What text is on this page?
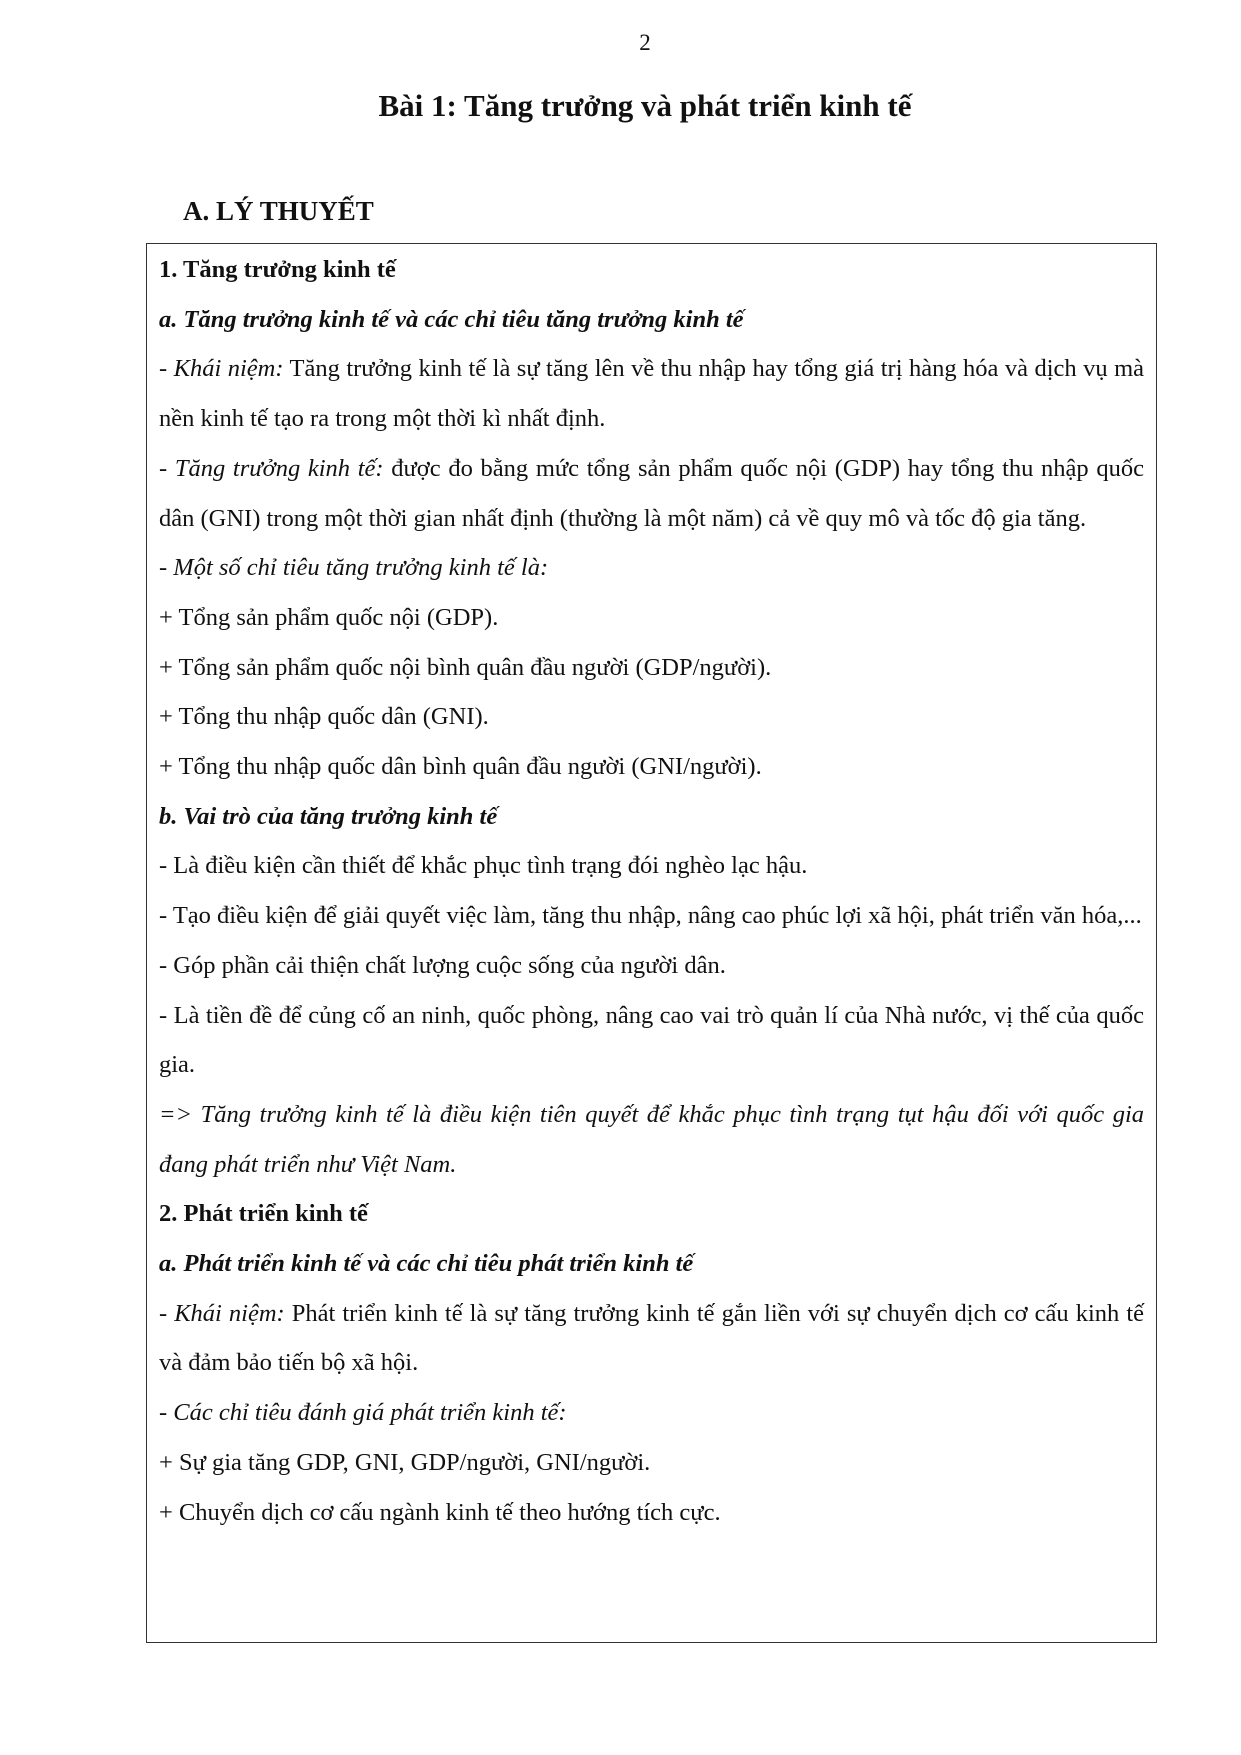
2
Bài 1: Tăng trưởng và phát triển kinh tế
A. LÝ THUYẾT

1. Tăng trưởng kinh tế

a. Tăng trưởng kinh tế và các chỉ tiêu tăng trưởng kinh tế

- Khái niệm: Tăng trưởng kinh tế là sự tăng lên về thu nhập hay tổng giá trị hàng hóa và dịch vụ mà nền kinh tế tạo ra trong một thời kì nhất định.

- Tăng trưởng kinh tế: được đo bằng mức tổng sản phẩm quốc nội (GDP) hay tổng thu nhập quốc dân (GNI) trong một thời gian nhất định (thường là một năm) cả về quy mô và tốc độ gia tăng.

- Một số chỉ tiêu tăng trưởng kinh tế là:

+ Tổng sản phẩm quốc nội (GDP).

+ Tổng sản phẩm quốc nội bình quân đầu người (GDP/người).

+ Tổng thu nhập quốc dân (GNI).

+ Tổng thu nhập quốc dân bình quân đầu người (GNI/người).

b. Vai trò của tăng trưởng kinh tế

- Là điều kiện cần thiết để khắc phục tình trạng đói nghèo lạc hậu.

- Tạo điều kiện để giải quyết việc làm, tăng thu nhập, nâng cao phúc lợi xã hội, phát triển văn hóa,...

- Góp phần cải thiện chất lượng cuộc sống của người dân.

- Là tiền đề để củng cố an ninh, quốc phòng, nâng cao vai trò quản lí của Nhà nước, vị thế của quốc gia.

=> Tăng trưởng kinh tế là điều kiện tiên quyết để khắc phục tình trạng tụt hậu đối với quốc gia đang phát triển như Việt Nam.

2. Phát triển kinh tế

a. Phát triển kinh tế và các chỉ tiêu phát triển kinh tế

- Khái niệm: Phát triển kinh tế là sự tăng trưởng kinh tế gắn liền với sự chuyển dịch cơ cấu kinh tế và đảm bảo tiến bộ xã hội.

- Các chỉ tiêu đánh giá phát triển kinh tế:

+ Sự gia tăng GDP, GNI, GDP/người, GNI/người.

+ Chuyển dịch cơ cấu ngành kinh tế theo hướng tích cực.
